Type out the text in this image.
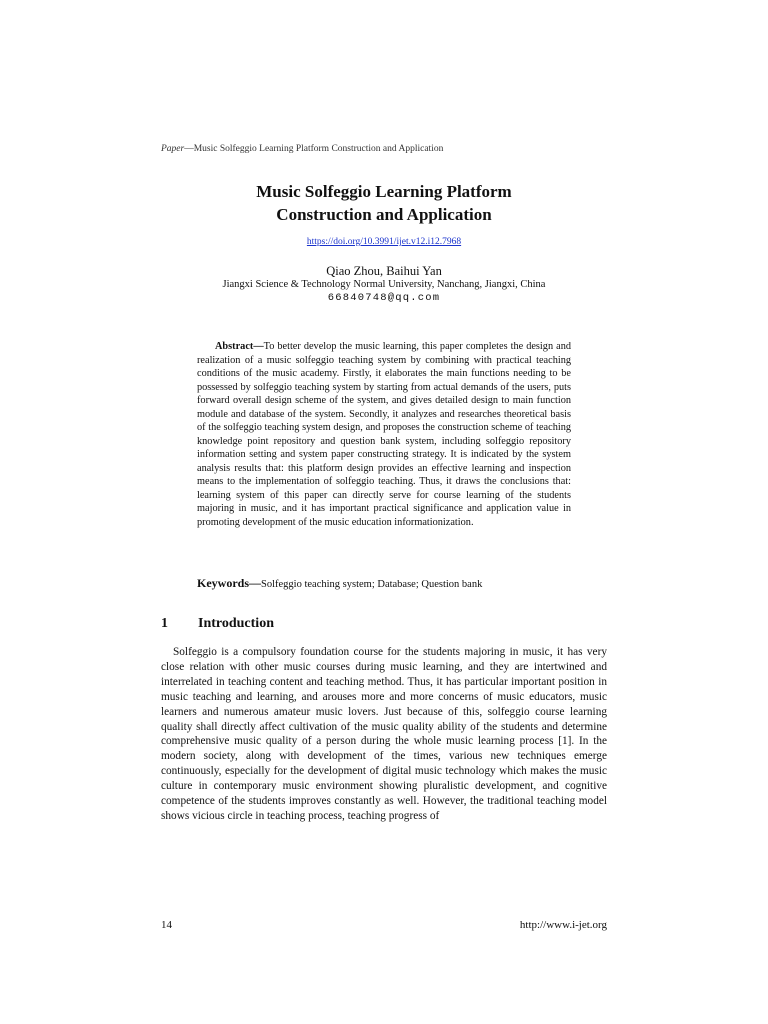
Paper—Music Solfeggio Learning Platform Construction and Application
Music Solfeggio Learning Platform
Construction and Application
https://doi.org/10.3991/ijet.v12.i12.7968
Qiao Zhou, Baihui Yan
Jiangxi Science & Technology Normal University, Nanchang, Jiangxi, China
66840748@qq.com
Abstract—To better develop the music learning, this paper completes the design and realization of a music solfeggio teaching system by combining with practical teaching conditions of the music academy. Firstly, it elaborates the main functions needing to be possessed by solfeggio teaching system by starting from actual demands of the users, puts forward overall design scheme of the system, and gives detailed design to main function module and database of the system. Secondly, it analyzes and researches theoretical basis of the solfeggio teaching system design, and proposes the construction scheme of teaching knowledge point repository and question bank system, including solfeggio repository information setting and system paper constructing strategy. It is indicated by the system analysis results that: this platform design provides an effective learning and inspection means to the implementation of solfeggio teaching. Thus, it draws the conclusions that: learning system of this paper can directly serve for course learning of the students majoring in music, and it has important practical significance and application value in promoting development of the music education informationization.
Keywords—Solfeggio teaching system; Database; Question bank
1 Introduction

Solfeggio is a compulsory foundation course for the students majoring in music, it has very close relation with other music courses during music learning, and they are intertwined and interrelated in teaching content and teaching method. Thus, it has particular important position in music teaching and learning, and arouses more and more concerns of music educators, music learners and numerous amateur music lovers. Just because of this, solfeggio course learning quality shall directly affect cultivation of the music quality ability of the students and determine comprehensive music quality of a person during the whole music learning process [1]. In the modern society, along with development of the times, various new techniques emerge continuously, especially for the development of digital music technology which makes the music culture in contemporary music environment showing pluralistic development, and cognitive competence of the students improves constantly as well. However, the traditional teaching model shows vicious circle in teaching process, teaching progress of

14	http://www.i-jet.org
